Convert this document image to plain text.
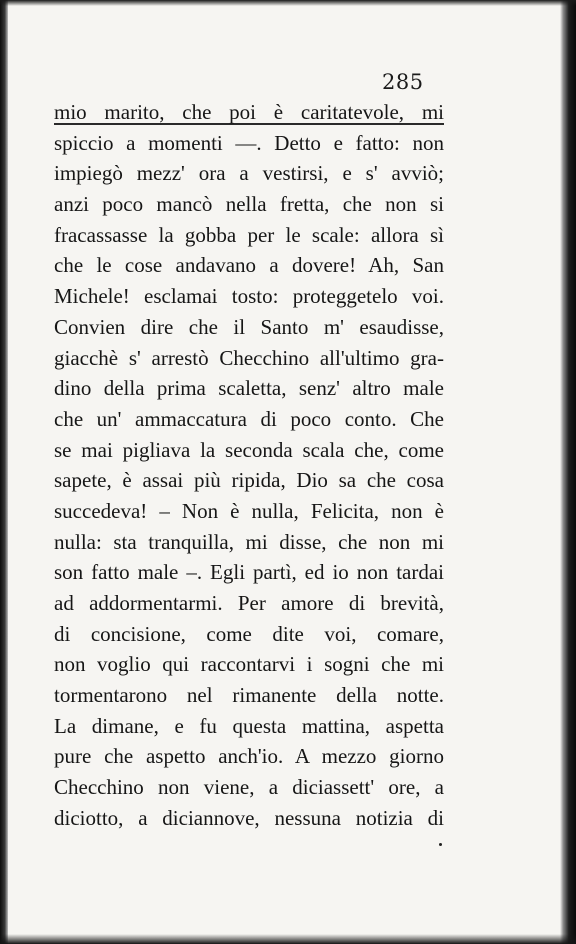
285
mio marito, che poi è caritatevole, mi
spiccio a momenti —. Detto e fatto: non
impiegò mezz' ora a vestirsi, e s' avviò;
anzi poco mancò nella fretta, che non si
fracassasse la gobba per le scale: allora sì
che le cose andavano a dovere! Ah, San
Michele! esclamai tosto: proteggetelo voi.
Convien dire che il Santo m' esaudisse,
giacchè s' arrestò Checchino all'ultimo gra-
dino della prima scaletta, senz' altro male
che un' ammaccatura di poco conto. Che
se mai pigliava la seconda scala che, come
sapete, è assai più ripida, Dio sa che cosa
succedeva! – Non è nulla, Felicita, non è
nulla: sta tranquilla, mi disse, che non mi
son fatto male –. Egli partì, ed io non tardai
ad addormentarmi. Per amore di brevità,
di concisione, come dite voi, comare,
non voglio qui raccontarvi i sogni che mi
tormentarono nel rimanente della notte.
La dimane, e fu questa mattina, aspetta
pure che aspetto anch'io. A mezzo giorno
Checchino non viene, a diciassett' ore, a
diciotto, a diciannove, nessuna notizia di
